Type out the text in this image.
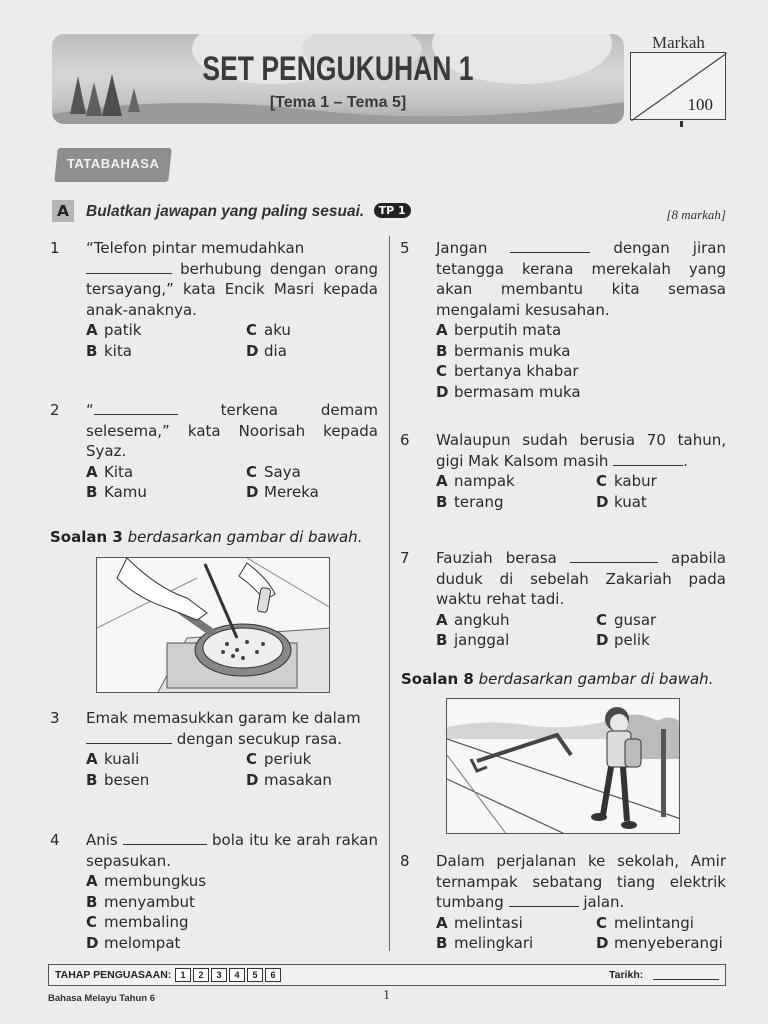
SET PENGUKUHAN 1
[Tema 1 – Tema 5]
Markah
100
TATABAHASA
A Bulatkan jawapan yang paling sesuai. TP 1	[8 markah]
1 “Telefon pintar memudahkan
berhubung dengan orang tersayang,” kata Encik Masri kepada anak-anaknya.
A patik	C aku
B kita	D dia
2 “	terkena demam selesema,” kata Noorisah kepada Syaz.
A Kita	C Saya
B Kamu	D Mereka
Soalan 3 berdasarkan gambar di bawah.
3 Emak memasukkan garam ke dalam
dengan secukup rasa.
A kuali	C periuk
B besen	D masakan
4 Anis	bola itu ke arah rakan sepasukan.
A membungkus
B menyambut
C membaling
D melompat
5 Jangan	dengan jiran tetangga kerana merekalah yang akan membantu kita semasa mengalami kesusahan.
A berputih mata
B bermanis muka
C bertanya khabar
D bermasam muka
6 Walaupun sudah berusia 70 tahun, gigi Mak Kalsom masih	.
A nampak	C kabur
B terang	D kuat
7 Fauziah berasa	apabila duduk di sebelah Zakariah pada waktu rehat tadi.
A angkuh	C gusar
B janggal	D pelik
Soalan 8 berdasarkan gambar di bawah.
8 Dalam perjalanan ke sekolah, Amir ternampak sebatang tiang elektrik tumbang	jalan.
A melintasi	C melintangi
B melingkari	D menyeberangi
TAHAP PENGUASAAN:	1	2	3	4	5	6	Tarikh:
Bahasa Melayu Tahun 6	1
